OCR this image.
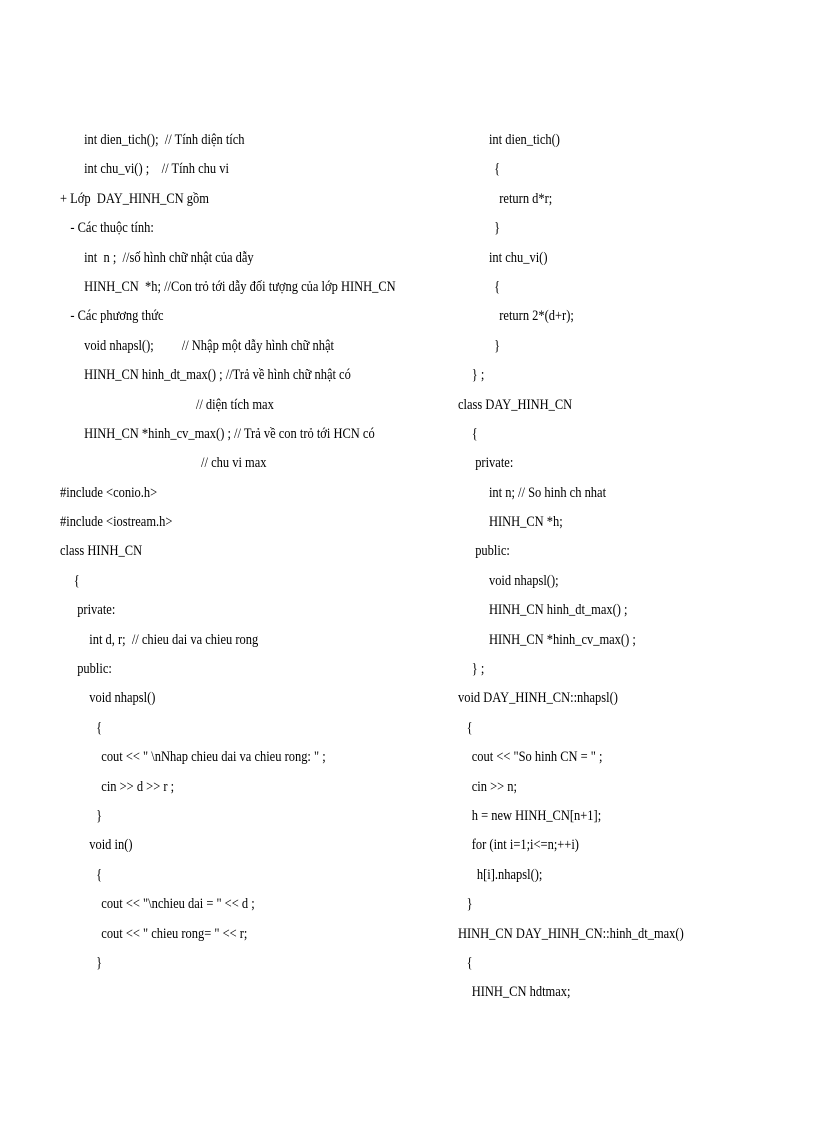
int dien_tich();  // Tính diện tích
int chu_vi() ;    // Tính chu vi
+ Lớp  DAY_HINH_CN gồm
- Các thuộc tính:
int  n ;  //số hình chữ nhật của dẫy
HINH_CN  *h; //Con trỏ tới dẫy đối tượng của lớp HINH_CN
- Các phương thức
void nhapsl();         // Nhập một dẫy hình chữ nhật
HINH_CN hinh_dt_max() ; //Trả về hình chữ nhật có
// diện tích max
HINH_CN *hinh_cv_max() ; // Trả về con trỏ tới HCN có
// chu vi max
#include <conio.h>
#include <iostream.h>
class HINH_CN
{
private:
int d, r;  // chieu dai va chieu rong
public:
void nhapsl()
{
cout << " \nNhap chieu dai va chieu rong: " ;
cin >> d >> r ;
}
void in()
{
cout << "\nchieu dai = " << d ;
cout << " chieu rong= " << r;
}
int dien_tich()
{
return d*r;
}
int chu_vi()
{
return 2*(d+r);
}
} ;
class DAY_HINH_CN
{
private:
int n; // So hinh ch nhat
HINH_CN *h;
public:
void nhapsl();
HINH_CN hinh_dt_max() ;
HINH_CN *hinh_cv_max() ;
} ;
void DAY_HINH_CN::nhapsl()
{
cout << "So hinh CN = " ;
cin >> n;
h = new HINH_CN[n+1];
for (int i=1;i<=n;++i)
h[i].nhapsl();
}
HINH_CN DAY_HINH_CN::hinh_dt_max()
{
HINH_CN hdtmax;
